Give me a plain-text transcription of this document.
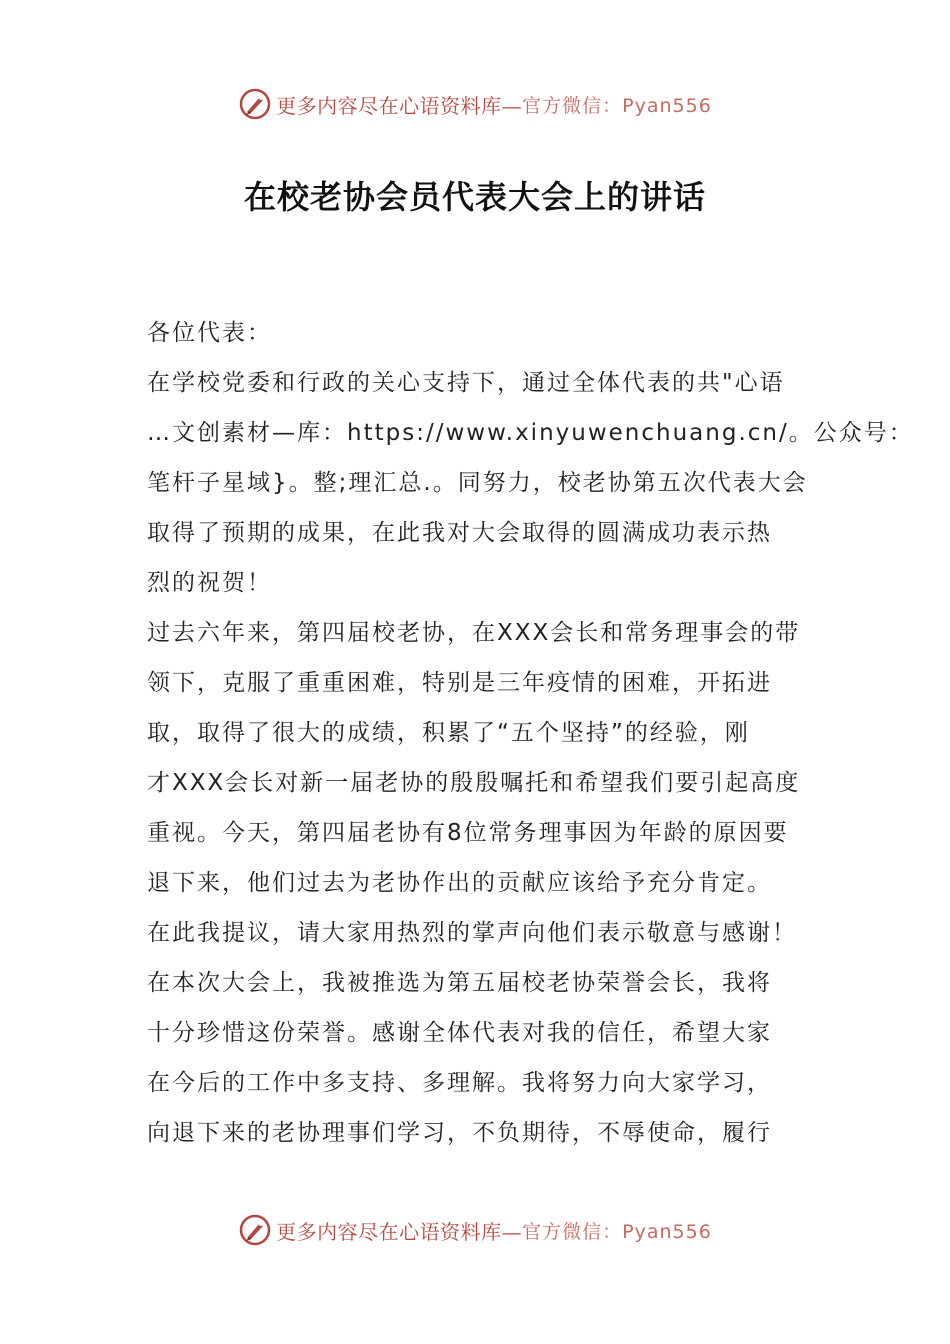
更多内容尽在心语资料库— 官方微信：Pyan556
在校老协会员代表大会上的讲话
各位代表：
在学校党委和行政的关心支持下，通过全体代表的共"心语
…文创素材—库：https://www.xinyuwenchuang.cn/。公众号：
笔杆子星域}。整;理汇总.。同努力，校老协第五次代表大会
取得了预期的成果，在此我对大会取得的圆满成功表示热
烈的祝贺！
过去六年来，第四届校老协，在XXX会长和常务理事会的带
领下，克服了重重困难，特别是三年疫情的困难，开拓进
取，取得了很大的成绩，积累了“五个坚持”的经验，刚
才XXX会长对新一届老协的殷殷嘱托和希望我们要引起高度
重视。今天，第四届老协有8位常务理事因为年龄的原因要
退下来，他们过去为老协作出的贡献应该给予充分肯定。
在此我提议，请大家用热烈的掌声向他们表示敬意与感谢！
在本次大会上，我被推选为第五届校老协荣誉会长，我将
十分珍惜这份荣誉。感谢全体代表对我的信任，希望大家
在今后的工作中多支持、多理解。我将努力向大家学习，
向退下来的老协理事们学习，不负期待，不辱使命，履行
更多内容尽在心语资料库— 官方微信：Pyan556
